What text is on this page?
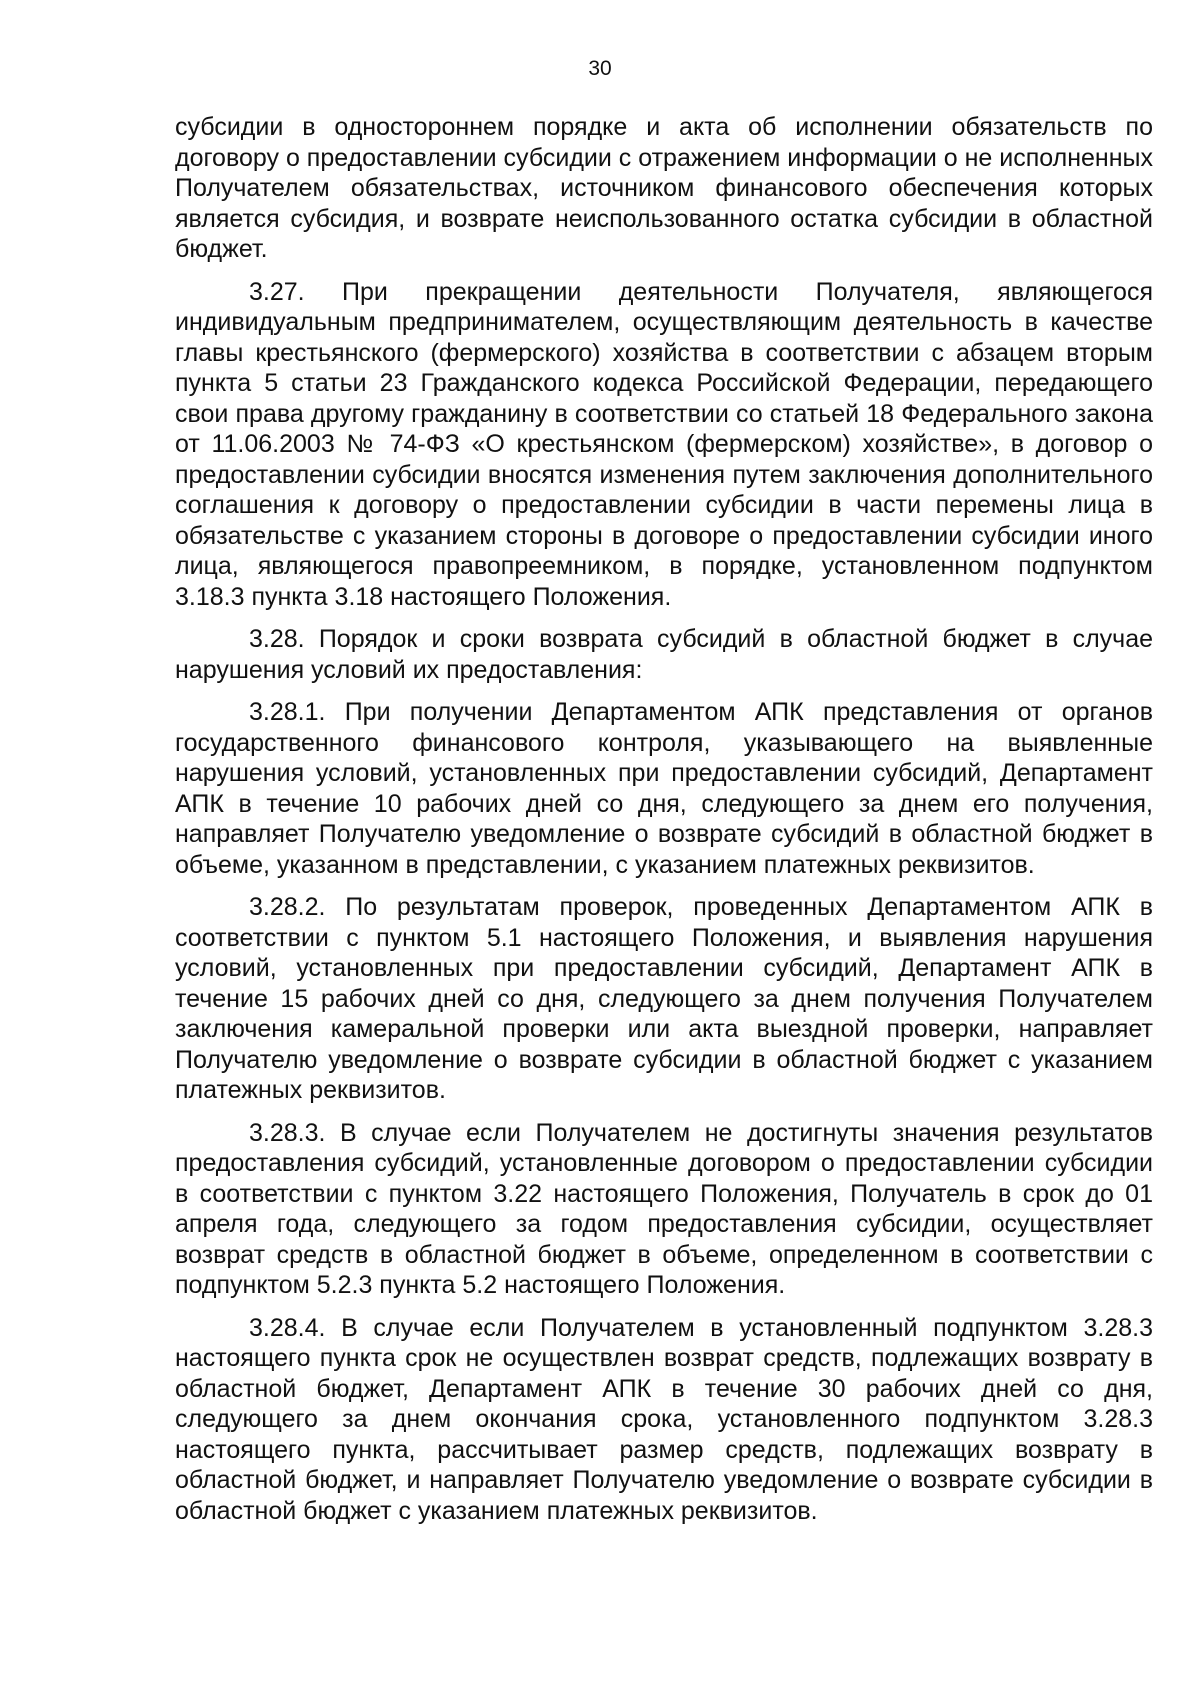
30

субсидии в одностороннем порядке и акта об исполнении обязательств по договору о предоставлении субсидии с отражением информации о не исполненных Получателем обязательствах, источником финансового обеспечения которых является субсидия, и возврате неиспользованного остатка субсидии в областной бюджет.

3.27. При прекращении деятельности Получателя, являющегося индивидуальным предпринимателем, осуществляющим деятельность в качестве главы крестьянского (фермерского) хозяйства в соответствии с абзацем вторым пункта 5 статьи 23 Гражданского кодекса Российской Федерации, передающего свои права другому гражданину в соответствии со статьей 18 Федерального закона от 11.06.2003 № 74-ФЗ «О крестьянском (фермерском) хозяйстве», в договор о предоставлении субсидии вносятся изменения путем заключения дополнительного соглашения к договору о предоставлении субсидии в части перемены лица в обязательстве с указанием стороны в договоре о предоставлении субсидии иного лица, являющегося правопреемником, в порядке, установленном подпунктом 3.18.3 пункта 3.18 настоящего Положения.

3.28. Порядок и сроки возврата субсидий в областной бюджет в случае нарушения условий их предоставления:

3.28.1. При получении Департаментом АПК представления от органов государственного финансового контроля, указывающего на выявленные нарушения условий, установленных при предоставлении субсидий, Департамент АПК в течение 10 рабочих дней со дня, следующего за днем его получения, направляет Получателю уведомление о возврате субсидий в областной бюджет в объеме, указанном в представлении, с указанием платежных реквизитов.

3.28.2. По результатам проверок, проведенных Департаментом АПК в соответствии с пунктом 5.1 настоящего Положения, и выявления нарушения условий, установленных при предоставлении субсидий, Департамент АПК в течение 15 рабочих дней со дня, следующего за днем получения Получателем заключения камеральной проверки или акта выездной проверки, направляет Получателю уведомление о возврате субсидии в областной бюджет с указанием платежных реквизитов.

3.28.3. В случае если Получателем не достигнуты значения результатов предоставления субсидий, установленные договором о предоставлении субсидии в соответствии с пунктом 3.22 настоящего Положения, Получатель в срок до 01 апреля года, следующего за годом предоставления субсидии, осуществляет возврат средств в областной бюджет в объеме, определенном в соответствии с подпунктом 5.2.3 пункта 5.2 настоящего Положения.

3.28.4. В случае если Получателем в установленный подпунктом 3.28.3 настоящего пункта срок не осуществлен возврат средств, подлежащих возврату в областной бюджет, Департамент АПК в течение 30 рабочих дней со дня, следующего за днем окончания срока, установленного подпунктом 3.28.3 настоящего пункта, рассчитывает размер средств, подлежащих возврату в областной бюджет, и направляет Получателю уведомление о возврате субсидии в областной бюджет с указанием платежных реквизитов.
